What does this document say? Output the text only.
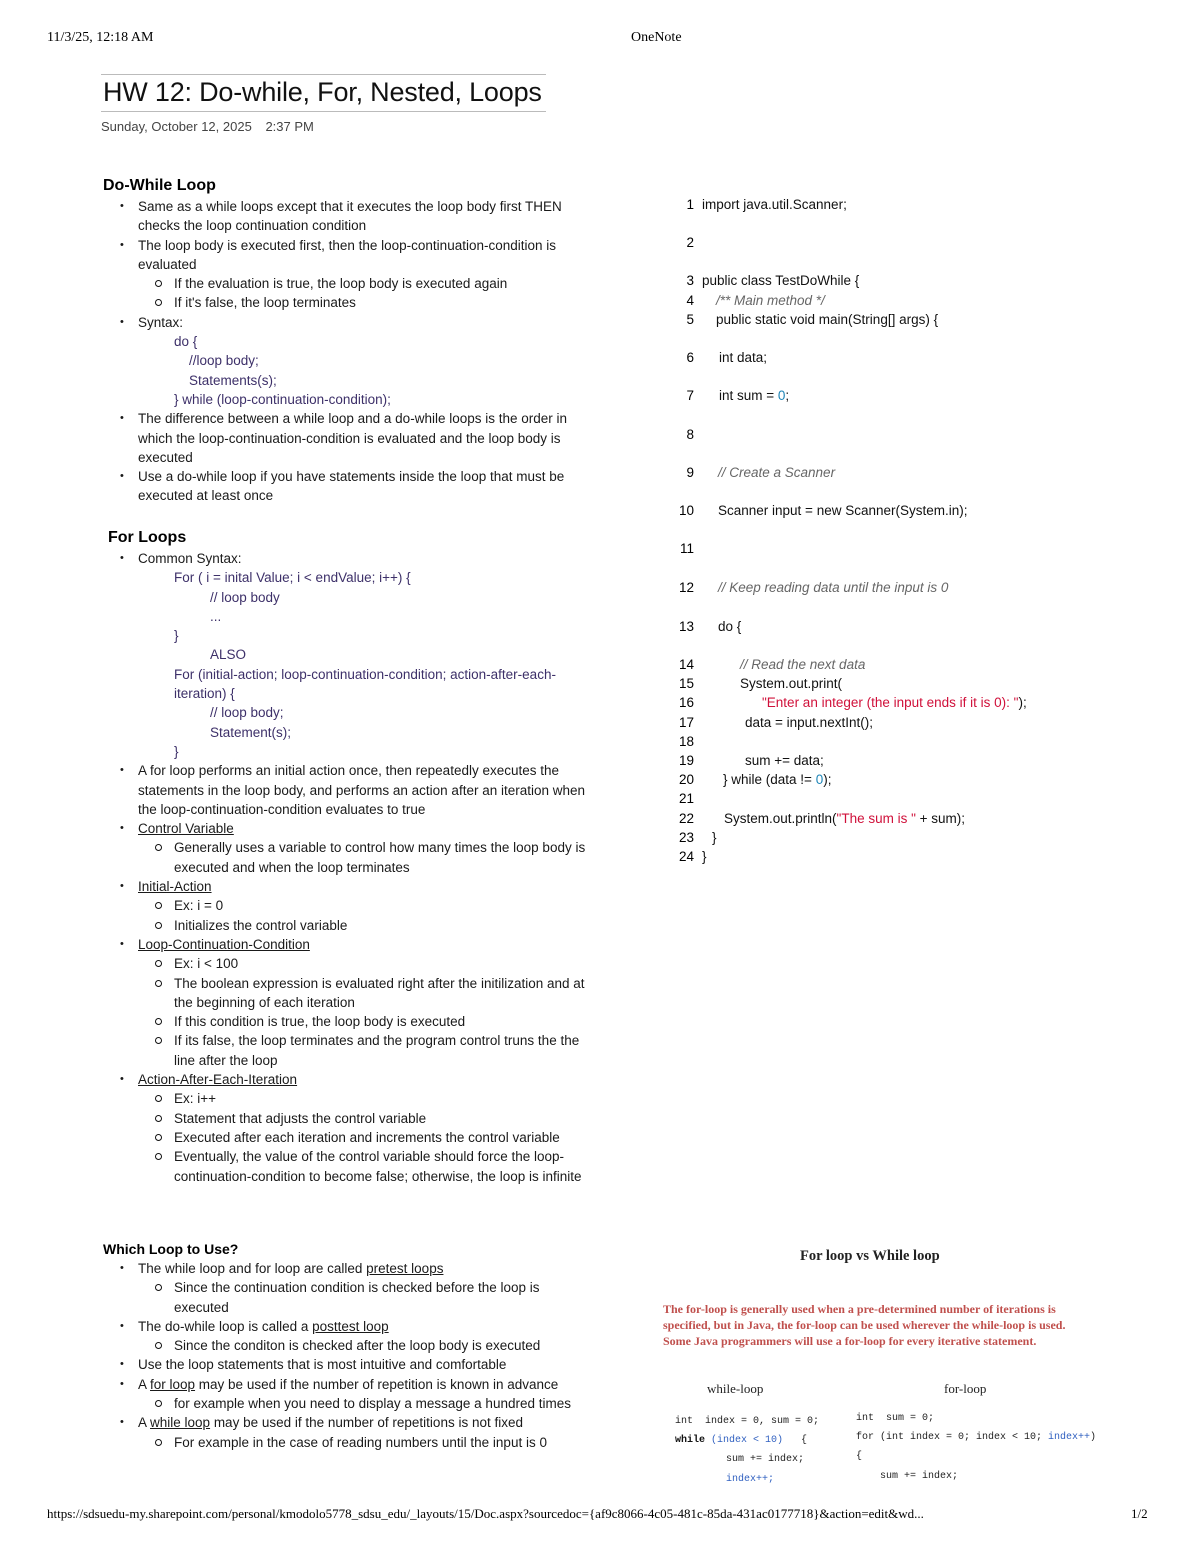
11/3/25, 12:18 AM	OneNote
HW 12: Do-while, For, Nested, Loops
Sunday, October 12, 2025 2:37 PM
Do-While Loop
• Same as a while loops except that it executes the loop body first THEN checks the loop continuation condition
• The loop body is executed first, then the loop-continuation-condition is evaluated
If the evaluation is true, the loop body is executed again
If it's false, the loop terminates
• Syntax:
do {
//loop body;
Statements(s);
} while (loop-continuation-condition);
• The difference between a while loop and a do-while loops is the order in which the loop-continuation-condition is evaluated and the loop body is executed
• Use a do-while loop if you have statements inside the loop that must be executed at least once
For Loops
• Common Syntax:
For ( i = inital Value; i < endValue; i++) {
// loop body
...
}
ALSO
For (initial-action; loop-continuation-condition; action-after-each-iteration) {
// loop body;
Statement(s);
}
• A for loop performs an initial action once, then repeatedly executes the statements in the loop body, and performs an action after an iteration when the loop-continuation-condition evaluates to true
• Control Variable
Generally uses a variable to control how many times the loop body is executed and when the loop terminates
• Initial-Action
Ex: i = 0
Initializes the control variable
• Loop-Continuation-Condition
Ex: i < 100
The boolean expression is evaluated right after the initilization and at the beginning of each iteration
If this condition is true, the loop body is executed
If its false, the loop terminates and the program control truns the the line after the loop
• Action-After-Each-Iteration
Ex: i++
Statement that adjusts the control variable
Executed after each iteration and increments the control variable
Eventually, the value of the control variable should force the loop-continuation-condition to become false; otherwise, the loop is infinite
Which Loop to Use?
• The while loop and for loop are called pretest loops
Since the continuation condition is checked before the loop is executed
• The do-while loop is called a posttest loop
Since the conditon is checked after the loop body is executed
• Use the loop statements that is most intuitive and comfortable
• A for loop may be used if the number of repetition is known in advance
for example when you need to display a message a hundred times
• A while loop may be used if the number of repetitions is not fixed
For example in the case of reading numbers until the input is 0
1 import java.util.Scanner;
2
3 public class TestDoWhile {
4 /** Main method */
5 public static void main(String[] args) {
6 int data;
7 int sum = 0;
8
9 // Create a Scanner
10 Scanner input = new Scanner(System.in);
11
12 // Keep reading data until the input is 0
13 do {
14	// Read the next data
15	System.out.print(
16	"Enter an integer (the input ends if it is 0): ");
17	data = input.nextInt();
18
19	sum += data;
20 } while (data != 0);
21
22 System.out.println("The sum is " + sum);
23 }
24 }
For loop vs While loop
The for-loop is generally used when a pre-determined number of iterations is specified, but in Java, the for-loop can be used wherever the while-loop is used. Some Java programmers will use a for-loop for every iterative statement.
while-loop	for-loop
int  index = 0, sum = 0;
while (index < 10)   {
sum += index;
index++;
int  sum = 0;
for (int index = 0; index < 10; index++)
{
sum += index;
https://sdsuedu-my.sharepoint.com/personal/kmodolo5778_sdsu_edu/_layouts/15/Doc.aspx?sourcedoc={af9c8066-4c05-481c-85da-431ac0177718}&action=edit&wd...	1/2
